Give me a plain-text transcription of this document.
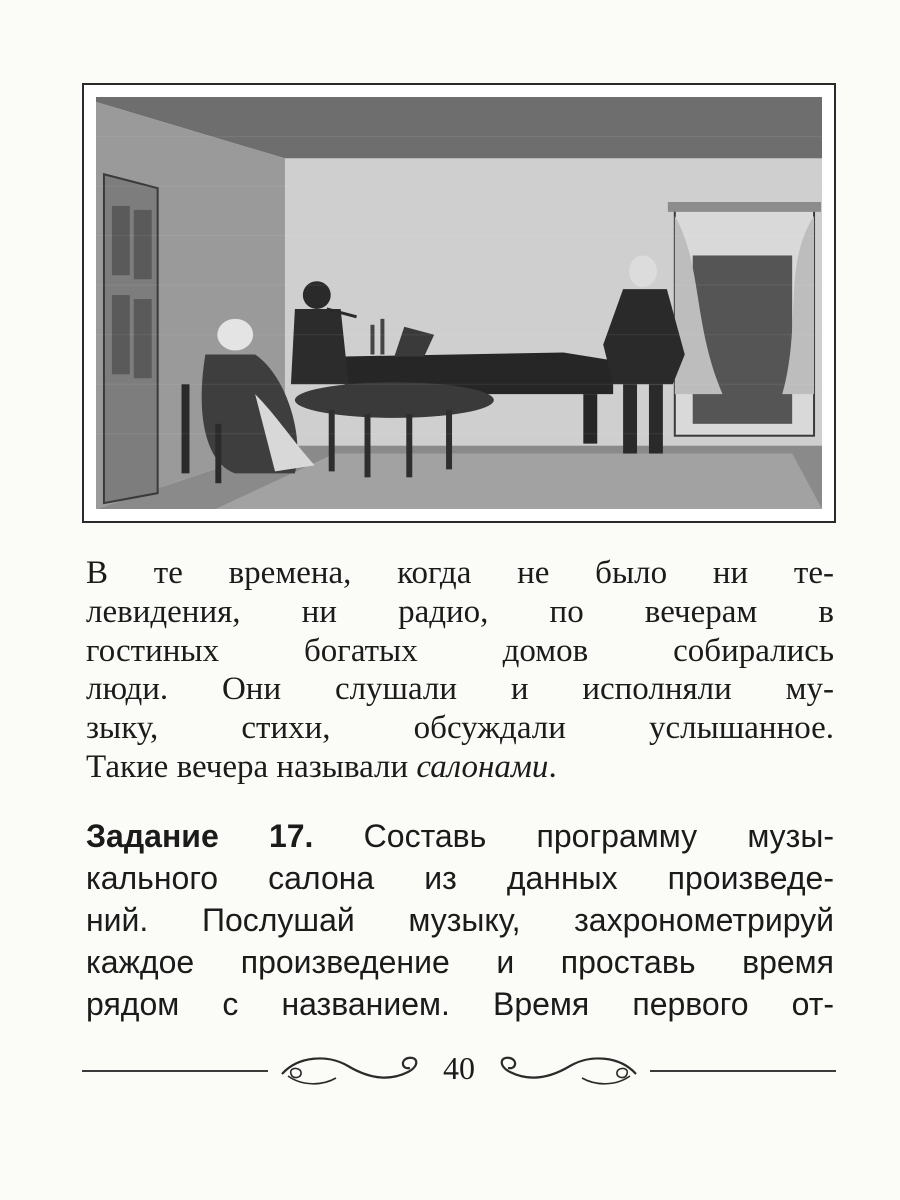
В те времена, когда не было ни те-
левидения, ни радио, по вечерам в
гостиных богатых домов собирались
люди. Они слушали и исполняли му-
зыку, стихи, обсуждали услышанное.
Такие вечера называли салонами.
Задание 17. Составь программу музы-
кального салона из данных произведе-
ний. Послушай музыку, захронометрируй
каждое произведение и проставь время
рядом с названием. Время первого от-
40
